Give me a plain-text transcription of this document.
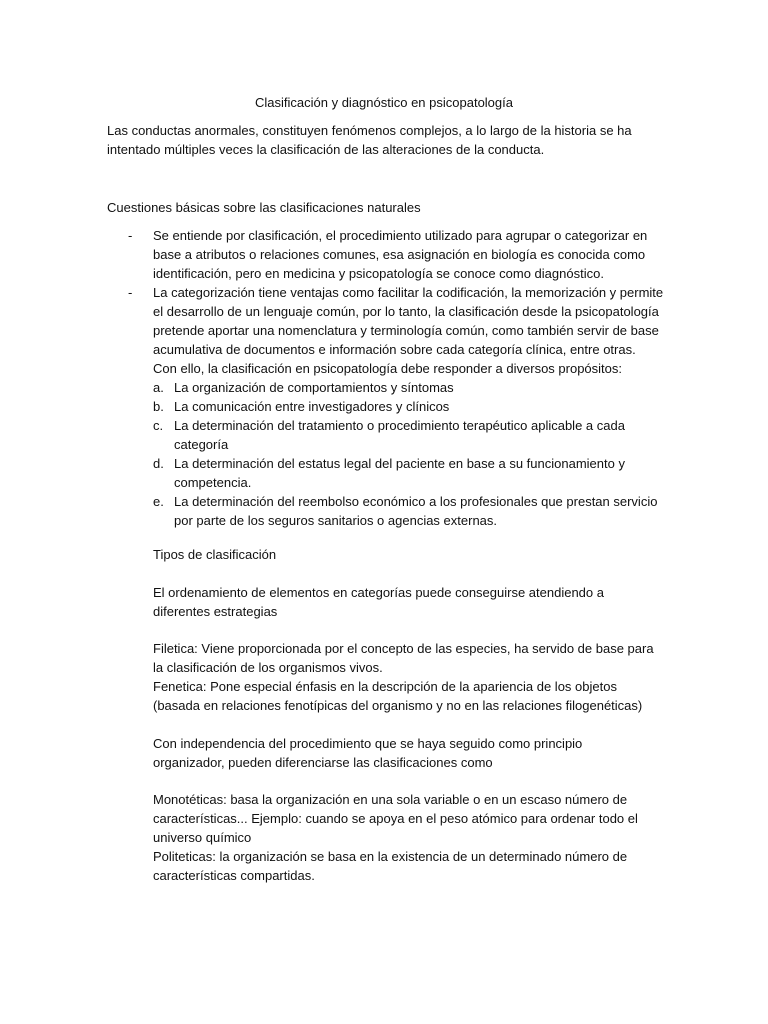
Clasificación y diagnóstico en psicopatología
Las conductas anormales, constituyen fenómenos complejos, a lo largo de la historia se ha
intentado múltiples veces la clasificación de las alteraciones de la conducta.
Cuestiones básicas sobre las clasificaciones naturales
- Se entiende por clasificación, el procedimiento utilizado para agrupar o categorizar en
base a atributos o relaciones comunes, esa asignación en biología es conocida como
identificación, pero en medicina y psicopatología se conoce como diagnóstico.
- La categorización tiene ventajas como facilitar la codificación, la memorización y permite
el desarrollo de un lenguaje común, por lo tanto, la clasificación desde la psicopatología
pretende aportar una nomenclatura y terminología común, como también servir de base
acumulativa de documentos e información sobre cada categoría clínica, entre otras.
Con ello, la clasificación en psicopatología debe responder a diversos propósitos:
a. La organización de comportamientos y síntomas
b. La comunicación entre investigadores y clínicos
c. La determinación del tratamiento o procedimiento terapéutico aplicable a cada
categoría
d. La determinación del estatus legal del paciente en base a su funcionamiento y
competencia.
e. La determinación del reembolso económico a los profesionales que prestan servicio
por parte de los seguros sanitarios o agencias externas.
Tipos de clasificación
El ordenamiento de elementos en categorías puede conseguirse atendiendo a
diferentes estrategias
Filetica: Viene proporcionada por el concepto de las especies, ha servido de base para
la clasificación de los organismos vivos.
Fenetica: Pone especial énfasis en la descripción de la apariencia de los objetos
(basada en relaciones fenotípicas del organismo y no en las relaciones filogenéticas)
Con independencia del procedimiento que se haya seguido como principio
organizador, pueden diferenciarse las clasificaciones como
Monotéticas: basa la organización en una sola variable o en un escaso número de
características... Ejemplo: cuando se apoya en el peso atómico para ordenar todo el
universo químico
Politeticas: la organización se basa en la existencia de un determinado número de
características compartidas.
